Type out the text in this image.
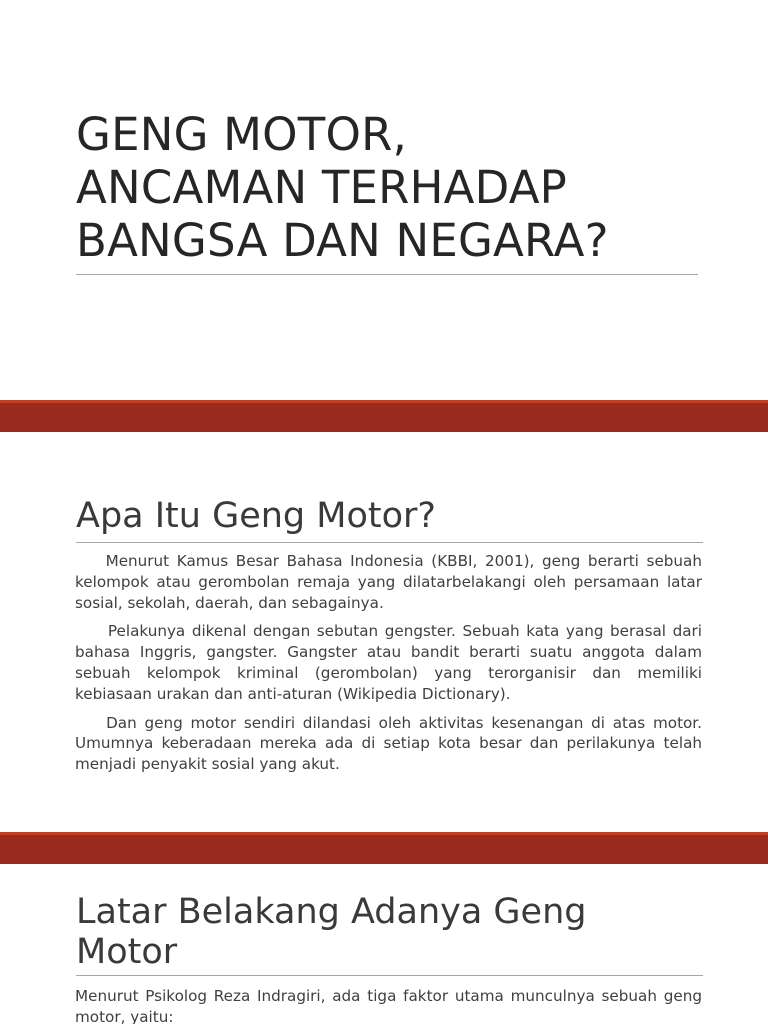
GENG MOTOR,
ANCAMAN TERHADAP
BANGSA DAN NEGARA?
Apa Itu Geng Motor?

Menurut Kamus Besar Bahasa Indonesia (KBBI, 2001), geng berarti sebuah kelompok atau gerombolan remaja yang dilatarbelakangi oleh persamaan latar sosial, sekolah, daerah, dan sebagainya.

Pelakunya dikenal dengan sebutan gengster. Sebuah kata yang berasal dari bahasa Inggris, gangster. Gangster atau bandit berarti suatu anggota dalam sebuah kelompok kriminal (gerombolan) yang terorganisir dan memiliki kebiasaan urakan dan anti-aturan (Wikipedia Dictionary).

Dan geng motor sendiri dilandasi oleh aktivitas kesenangan di atas motor. Umumnya keberadaan mereka ada di setiap kota besar dan perilakunya telah menjadi penyakit sosial yang akut.

Latar Belakang Adanya Geng
Motor

Menurut Psikolog Reza Indragiri, ada tiga faktor utama munculnya sebuah geng motor, yaitu:
